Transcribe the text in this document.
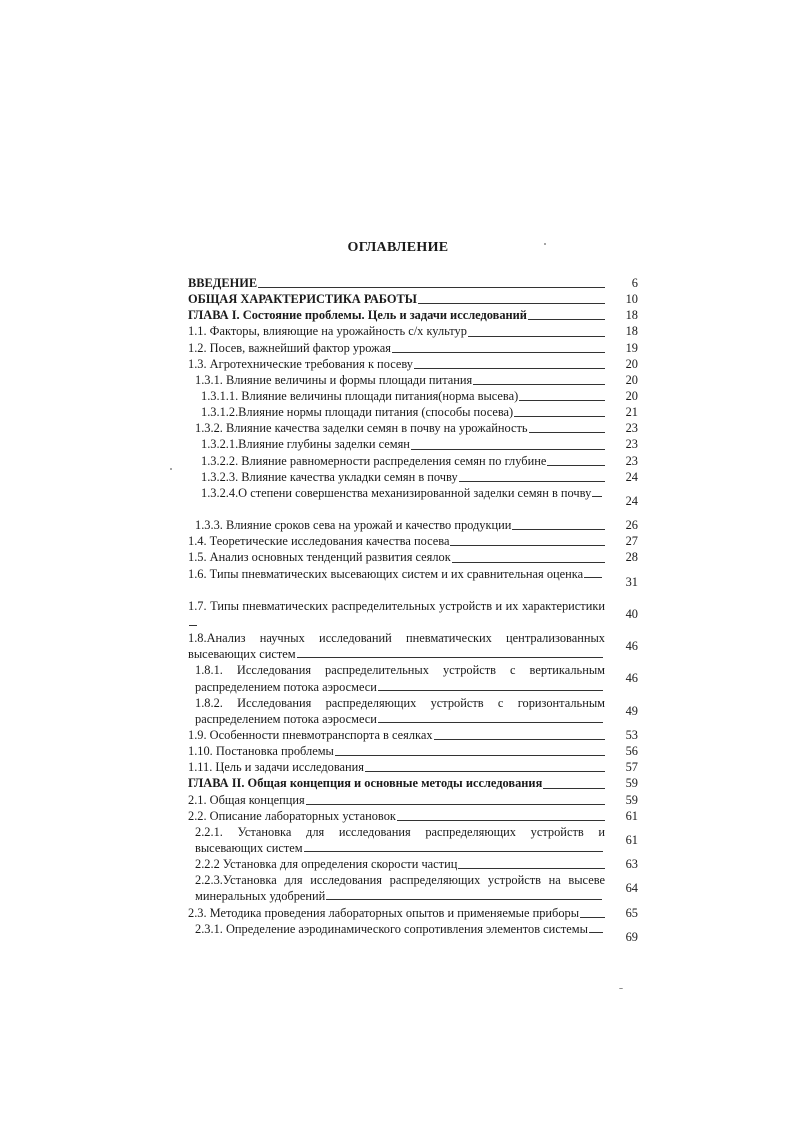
ОГЛАВЛЕНИЕ
ВВЕДЕНИЕ	6
ОБЩАЯ ХАРАКТЕРИСТИКА РАБОТЫ	10
ГЛАВА I. Состояние проблемы. Цель и задачи исследований	18
1.1. Факторы, влияющие на урожайность с/х культур	18
1.2. Посев, важнейший фактор урожая	19
1.3. Агротехнические требования к посеву	20
1.3.1. Влияние величины и формы площади питания	20
1.3.1.1. Влияние величины площади питания(норма высева)	20
1.3.1.2.Влияние нормы площади питания (способы посева)	21
1.3.2. Влияние качества заделки семян в почву на урожайность	23
1.3.2.1.Влияние глубины заделки семян	23
1.3.2.2. Влияние равномерности распределения семян по глубине	23
1.3.2.3. Влияние качества укладки семян в почву	24
1.3.2.4.О степени совершенства механизированной заделки семян в почву
24
1.3.3. Влияние сроков сева на урожай и качество продукции	26
1.4. Теоретические исследования качества посева	27
1.5. Анализ основных тенденций развития сеялок	28
1.6. Типы пневматических высевающих систем и их сравнительная оценка
31
1.7. Типы пневматических распределительных устройств и их характеристики
40
1.8.Анализ научных исследований пневматических централизованных высевающих систем
46
1.8.1. Исследования распределительных устройств с вертикальным распределением потока аэросмеси
46
1.8.2. Исследования распределяющих устройств с горизонтальным распределением потока аэросмеси
49
1.9. Особенности пневмотранспорта в сеялках	53
1.10. Постановка проблемы	56
1.11. Цель и задачи исследования	57
ГЛАВА II. Общая концепция и основные методы исследования	59
2.1. Общая концепция	59
2.2. Описание лабораторных установок	61
2.2.1. Установка для исследования распределяющих устройств и высевающих систем
61
2.2.2 Установка для определения скорости частиц	63
2.2.3.Установка для исследования распределяющих устройств на высеве минеральных удобрений
64
2.3. Методика проведения лабораторных опытов и применяемые приборы	65
2.3.1. Определение аэродинамического сопротивления элементов системы
69
